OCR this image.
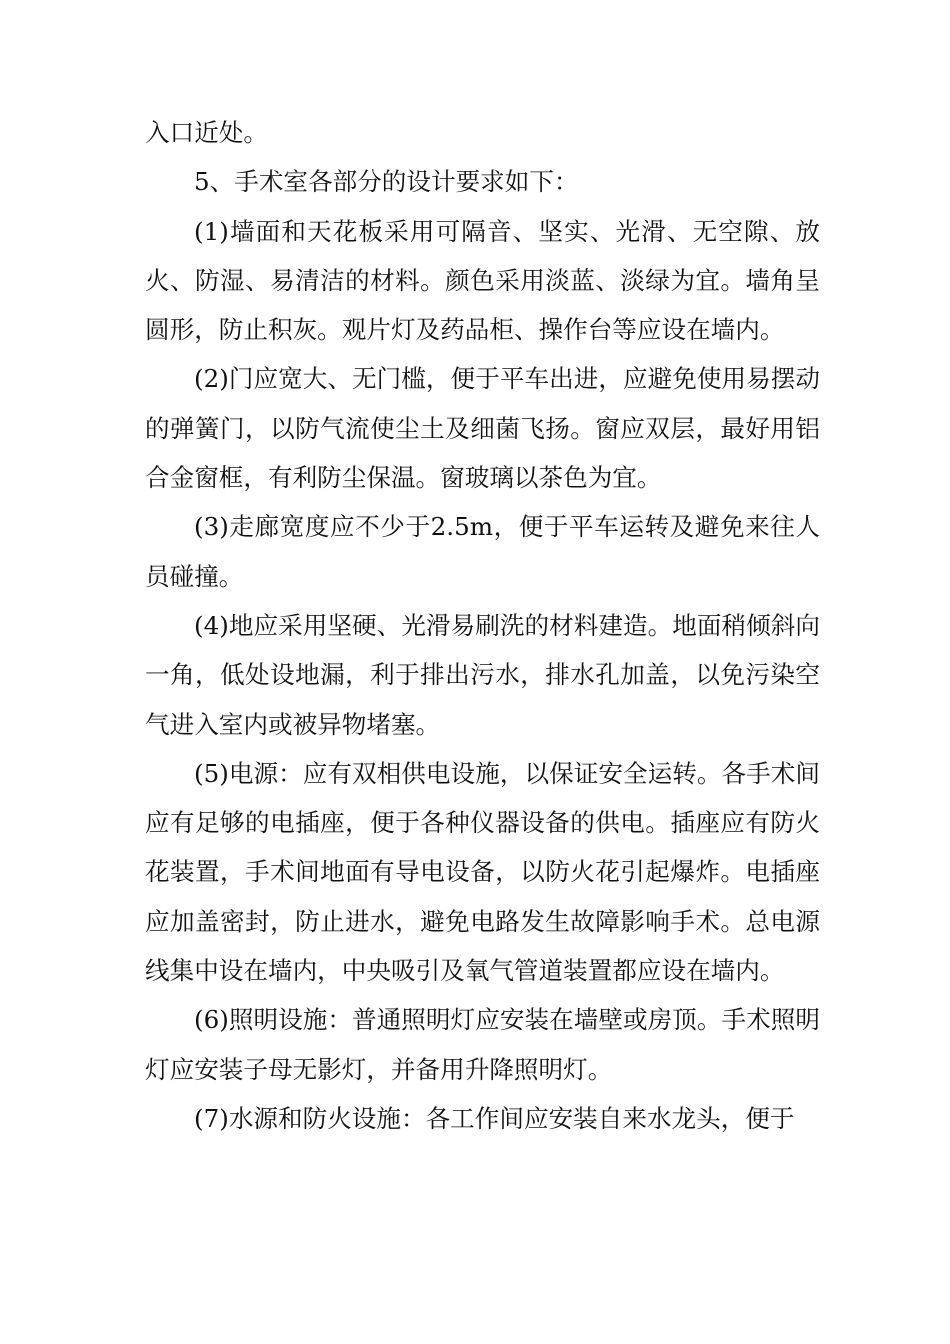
入口近处。

5、手术室各部分的设计要求如下：

(1)墙面和天花板采用可隔音、坚实、光滑、无空隙、放火、防湿、易清洁的材料。颜色采用淡蓝、淡绿为宜。墙角呈圆形，防止积灰。观片灯及药品柜、操作台等应设在墙内。

(2)门应宽大、无门槛，便于平车出进，应避免使用易摆动的弹簧门，以防气流使尘土及细菌飞扬。窗应双层，最好用铝合金窗框，有利防尘保温。窗玻璃以茶色为宜。

(3)走廊宽度应不少于2.5m，便于平车运转及避免来往人员碰撞。

(4)地应采用坚硬、光滑易刷洗的材料建造。地面稍倾斜向一角，低处设地漏，利于排出污水，排水孔加盖，以免污染空气进入室内或被异物堵塞。

(5)电源：应有双相供电设施，以保证安全运转。各手术间应有足够的电插座，便于各种仪器设备的供电。插座应有防火花装置，手术间地面有导电设备，以防火花引起爆炸。电插座应加盖密封，防止进水，避免电路发生故障影响手术。总电源线集中设在墙内，中央吸引及氧气管道装置都应设在墙内。

(6)照明设施：普通照明灯应安装在墙壁或房顶。手术照明灯应安装子母无影灯，并备用升降照明灯。

(7)水源和防火设施：各工作间应安装自来水龙头，便于
